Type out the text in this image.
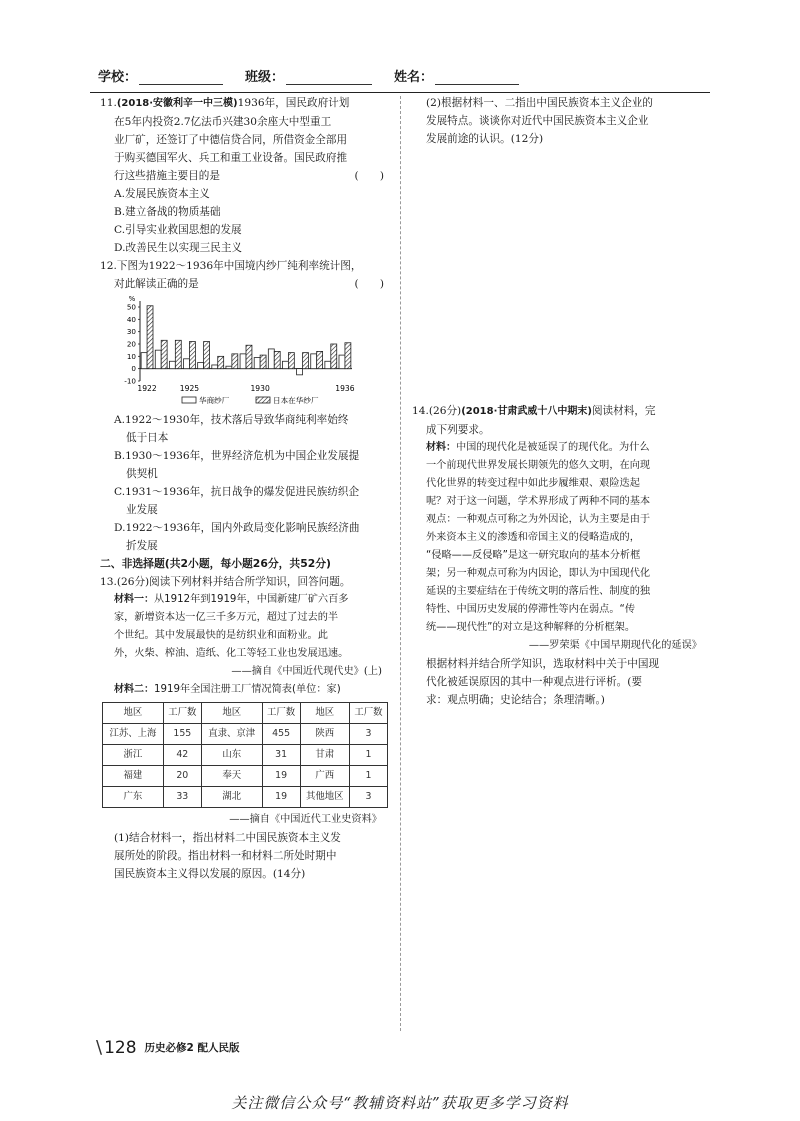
学校：	班级：	姓名：

11.(2018·安徽利辛一中三模)1936年，国民政府计划

在5年内投资2.7亿法币兴建30余座大中型重工

业厂矿，还签订了中德信贷合同，所借资金全部用

于购买德国军火、兵工和重工业设备。国民政府推

行这些措施主要目的是	(　　)

A.发展民族资本主义

B.建立备战的物质基础

C.引导实业救国思想的发展

D.改善民生以实现三民主义

12.下图为1922～1936年中国境内纱厂纯利率统计图，

对此解读正确的是	(　　)

%
50
40
30
20
10
0
-10
1922	1925	1930	1936
华商纱厂	日本在华纱厂

A.1922～1930年，技术落后导致华商纯利率始终

低于日本

B.1930～1936年，世界经济危机为中国企业发展提

供契机

C.1931～1936年，抗日战争的爆发促进民族纺织企

业发展

D.1922～1936年，国内外政局变化影响民族经济曲

折发展

二、非选择题(共2小题，每小题26分，共52分)

13.(26分)阅读下列材料并结合所学知识，回答问题。

材料一：从1912年到1919年，中国新建厂矿六百多

家，新增资本达一亿三千多万元，超过了过去的半

个世纪。其中发展最快的是纺织业和面粉业。此

外，火柴、榨油、造纸、化工等轻工业也发展迅速。

——摘自《中国近代现代史》(上)

材料二：1919年全国注册工厂情况简表(单位：家)

地区	工厂数	地区	工厂数	地区	工厂数
江苏、上海	155	直隶、京津	455	陕西	3
浙江	42	山东	31	甘肃	1
福建	20	奉天	19	广西	1
广东	33	湖北	19	其他地区	3

——摘自《中国近代工业史资料》

(1)结合材料一，指出材料二中国民族资本主义发

展所处的阶段。指出材料一和材料二所处时期中

国民族资本主义得以发展的原因。(14分)

(2)根据材料一、二指出中国民族资本主义企业的

发展特点。谈谈你对近代中国民族资本主义企业

发展前途的认识。(12分)

14.(26分)(2018·甘肃武威十八中期末)阅读材料，完

成下列要求。

材料：中国的现代化是被延误了的现代化。为什么

一个前现代世界发展长期领先的悠久文明，在向现

代化世界的转变过程中如此步履维艰、艰险迭起

呢？对于这一问题，学术界形成了两种不同的基本

观点：一种观点可称之为外因论，认为主要是由于

外来资本主义的渗透和帝国主义的侵略造成的，

“侵略——反侵略”是这一研究取向的基本分析框

架；另一种观点可称为内因论，即认为中国现代化

延误的主要症结在于传统文明的落后性、制度的独

特性、中国历史发展的停滞性等内在弱点。“传

统——现代性”的对立是这种解释的分析框架。

——罗荣渠《中国早期现代化的延误》

根据材料并结合所学知识，选取材料中关于中国现

代化被延误原因的其中一种观点进行评析。(要

求：观点明确；史论结合；条理清晰。)

\ 128 历史必修2 配人民版
关注微信公众号“教辅资料站”获取更多学习资料
